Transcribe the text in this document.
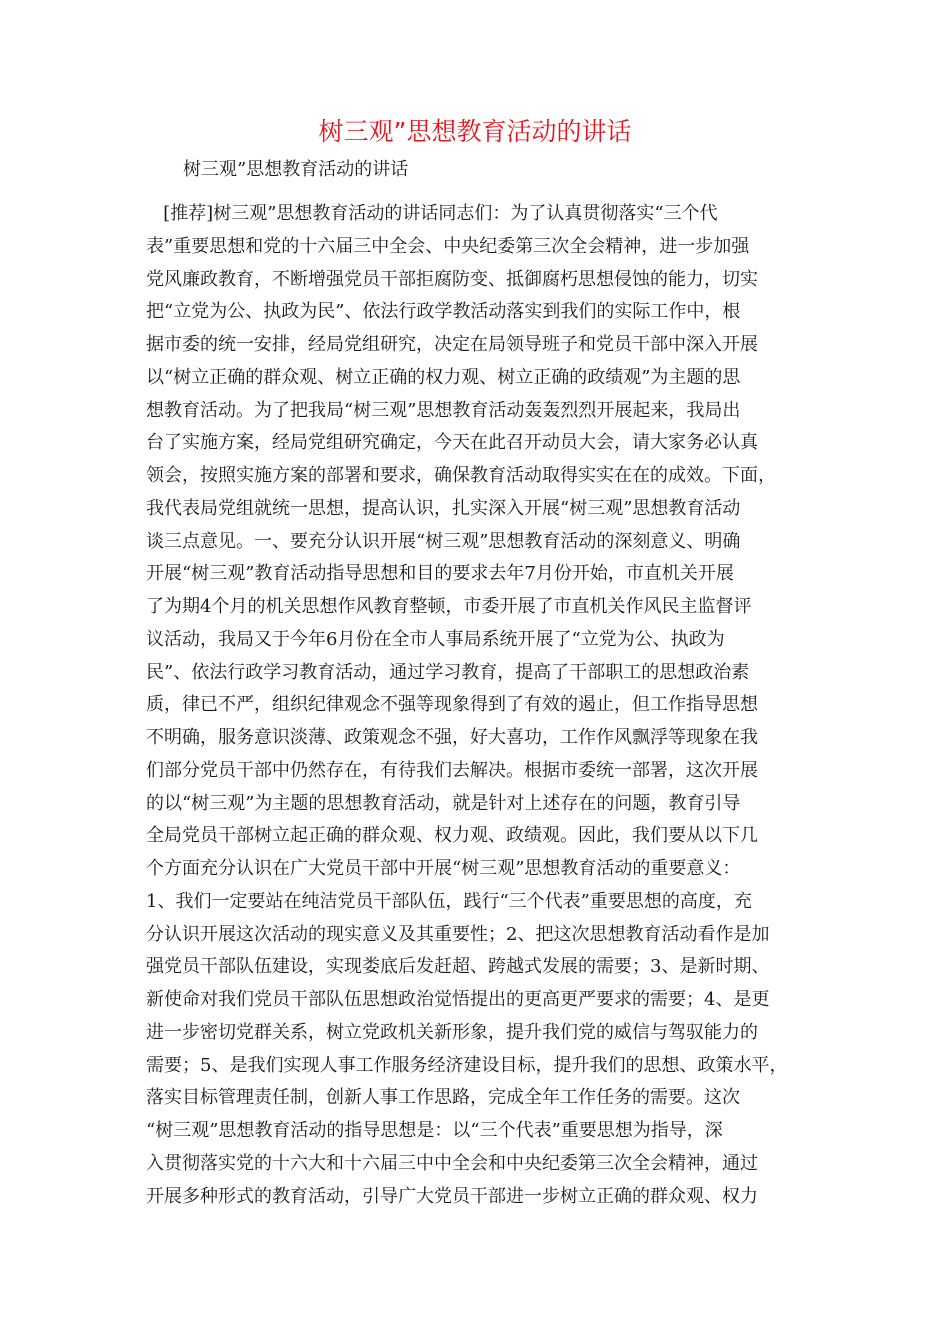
树三观”思想教育活动的讲话
树三观”思想教育活动的讲话
[推荐]树三观”思想教育活动的讲话同志们：为了认真贯彻落实“三个代
表”重要思想和党的十六届三中全会、中央纪委第三次全会精神，进一步加强
党风廉政教育，不断增强党员干部拒腐防变、抵御腐朽思想侵蚀的能力，切实
把“立党为公、执政为民”、依法行政学教活动落实到我们的实际工作中，根
据市委的统一安排，经局党组研究，决定在局领导班子和党员干部中深入开展
以“树立正确的群众观、树立正确的权力观、树立正确的政绩观”为主题的思
想教育活动。为了把我局“树三观”思想教育活动轰轰烈烈开展起来，我局出
台了实施方案，经局党组研究确定，今天在此召开动员大会，请大家务必认真
领会，按照实施方案的部署和要求，确保教育活动取得实实在在的成效。下面，
我代表局党组就统一思想，提高认识，扎实深入开展“树三观”思想教育活动
谈三点意见。一、要充分认识开展“树三观”思想教育活动的深刻意义、明确
开展“树三观”教育活动指导思想和目的要求去年7月份开始，市直机关开展
了为期4个月的机关思想作风教育整顿，市委开展了市直机关作风民主监督评
议活动，我局又于今年6月份在全市人事局系统开展了“立党为公、执政为
民”、依法行政学习教育活动，通过学习教育，提高了干部职工的思想政治素
质，律已不严，组织纪律观念不强等现象得到了有效的遏止，但工作指导思想
不明确，服务意识淡薄、政策观念不强，好大喜功，工作作风飘浮等现象在我
们部分党员干部中仍然存在，有待我们去解决。根据市委统一部署，这次开展
的以“树三观”为主题的思想教育活动，就是针对上述存在的问题，教育引导
全局党员干部树立起正确的群众观、权力观、政绩观。因此，我们要从以下几
个方面充分认识在广大党员干部中开展“树三观”思想教育活动的重要意义：
1、我们一定要站在纯洁党员干部队伍，践行“三个代表”重要思想的高度，充
分认识开展这次活动的现实意义及其重要性；2、把这次思想教育活动看作是加
强党员干部队伍建设，实现娄底后发赶超、跨越式发展的需要；3、是新时期、
新使命对我们党员干部队伍思想政治觉悟提出的更高更严要求的需要；4、是更
进一步密切党群关系，树立党政机关新形象，提升我们党的威信与驾驭能力的
需要；5、是我们实现人事工作服务经济建设目标，提升我们的思想、政策水平，
落实目标管理责任制，创新人事工作思路，完成全年工作任务的需要。这次
“树三观”思想教育活动的指导思想是：以“三个代表”重要思想为指导，深
入贯彻落实党的十六大和十六届三中中全会和中央纪委第三次全会精神，通过
开展多种形式的教育活动，引导广大党员干部进一步树立正确的群众观、权力
